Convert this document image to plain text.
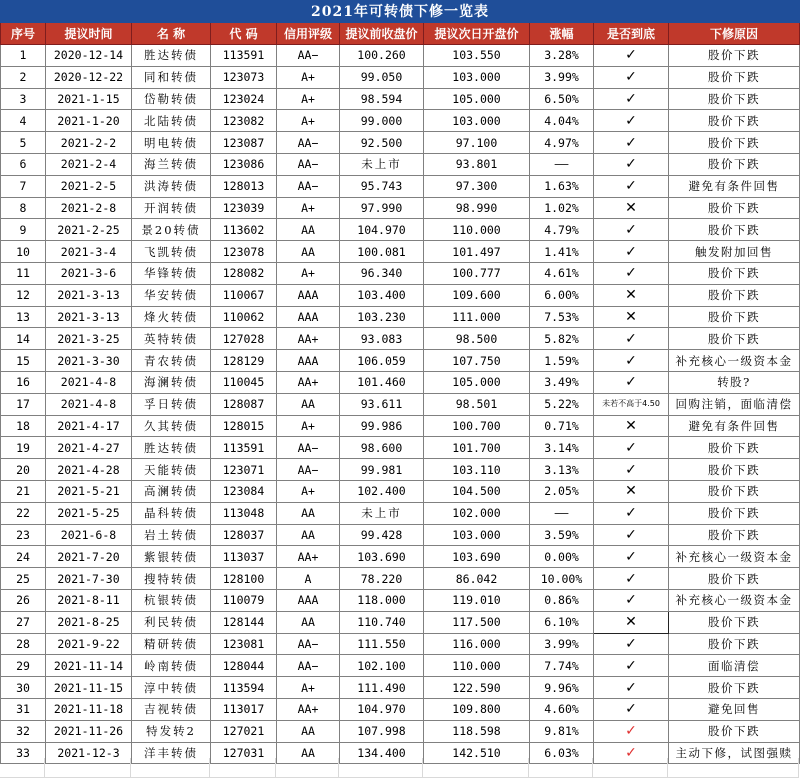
2021年可转债下修一览表									
序号	提议时间	名 称	代 码	信用评级	提议前收盘价	提议次日开盘价	涨幅	是否到底	下修原因
1	2020-12-14	胜达转债	113591	AA−	100.260	103.550	3.28%	✓	股价下跌
2	2020-12-22	同和转债	123073	A+	99.050	103.000	3.99%	✓	股价下跌
3	2021-1-15	岱勒转债	123024	A+	98.594	105.000	6.50%	✓	股价下跌
4	2021-1-20	北陆转债	123082	A+	99.000	103.000	4.04%	✓	股价下跌
5	2021-2-2	明电转债	123087	AA−	92.500	97.100	4.97%	✓	股价下跌
6	2021-2-4	海兰转债	123086	AA−	未上市	93.801	——	✓	股价下跌
7	2021-2-5	洪涛转债	128013	AA−	95.743	97.300	1.63%	✓	避免有条件回售
8	2021-2-8	开润转债	123039	A+	97.990	98.990	1.02%	✕	股价下跌
9	2021-2-25	景20转债	113602	AA	104.970	110.000	4.79%	✓	股价下跌
10	2021-3-4	飞凯转债	123078	AA	100.081	101.497	1.41%	✓	触发附加回售
11	2021-3-6	华锋转债	128082	A+	96.340	100.777	4.61%	✓	股价下跌
12	2021-3-13	华安转债	110067	AAA	103.400	109.600	6.00%	✕	股价下跌
13	2021-3-13	烽火转债	110062	AAA	103.230	111.000	7.53%	✕	股价下跌
14	2021-3-25	英特转债	127028	AA+	93.083	98.500	5.82%	✓	股价下跌
15	2021-3-30	青农转债	128129	AAA	106.059	107.750	1.59%	✓	补充核心一级资本金
16	2021-4-8	海澜转债	110045	AA+	101.460	105.000	3.49%	✓	转股?
17	2021-4-8	孚日转债	128087	AA	93.611	98.501	5.22%	未若不高于4.50	回购注销，面临清偿
18	2021-4-17	久其转债	128015	A+	99.986	100.700	0.71%	✕	避免有条件回售
19	2021-4-27	胜达转债	113591	AA−	98.600	101.700	3.14%	✓	股价下跌
20	2021-4-28	天能转债	123071	AA−	99.981	103.110	3.13%	✓	股价下跌
21	2021-5-21	高澜转债	123084	A+	102.400	104.500	2.05%	✕	股价下跌
22	2021-5-25	晶科转债	113048	AA	未上市	102.000	——	✓	股价下跌
23	2021-6-8	岩土转债	128037	AA	99.428	103.000	3.59%	✓	股价下跌
24	2021-7-20	紫银转债	113037	AA+	103.690	103.690	0.00%	✓	补充核心一级资本金
25	2021-7-30	搜特转债	128100	A	78.220	86.042	10.00%	✓	股价下跌
26	2021-8-11	杭银转债	110079	AAA	118.000	119.010	0.86%	✓	补充核心一级资本金
27	2021-8-25	利民转债	128144	AA	110.740	117.500	6.10%	✕	股价下跌
28	2021-9-22	精研转债	123081	AA−	111.550	116.000	3.99%	✓	股价下跌
29	2021-11-14	岭南转债	128044	AA−	102.100	110.000	7.74%	✓	面临清偿
30	2021-11-15	淳中转债	113594	A+	111.490	122.590	9.96%	✓	股价下跌
31	2021-11-18	吉视转债	113017	AA+	104.970	109.800	4.60%	✓	避免回售
32	2021-11-26	特发转2	127021	AA	107.998	118.598	9.81%	✓	股价下跌
33	2021-12-3	洋丰转债	127031	AA	134.400	142.510	6.03%	✓	主动下修，试图强赎
